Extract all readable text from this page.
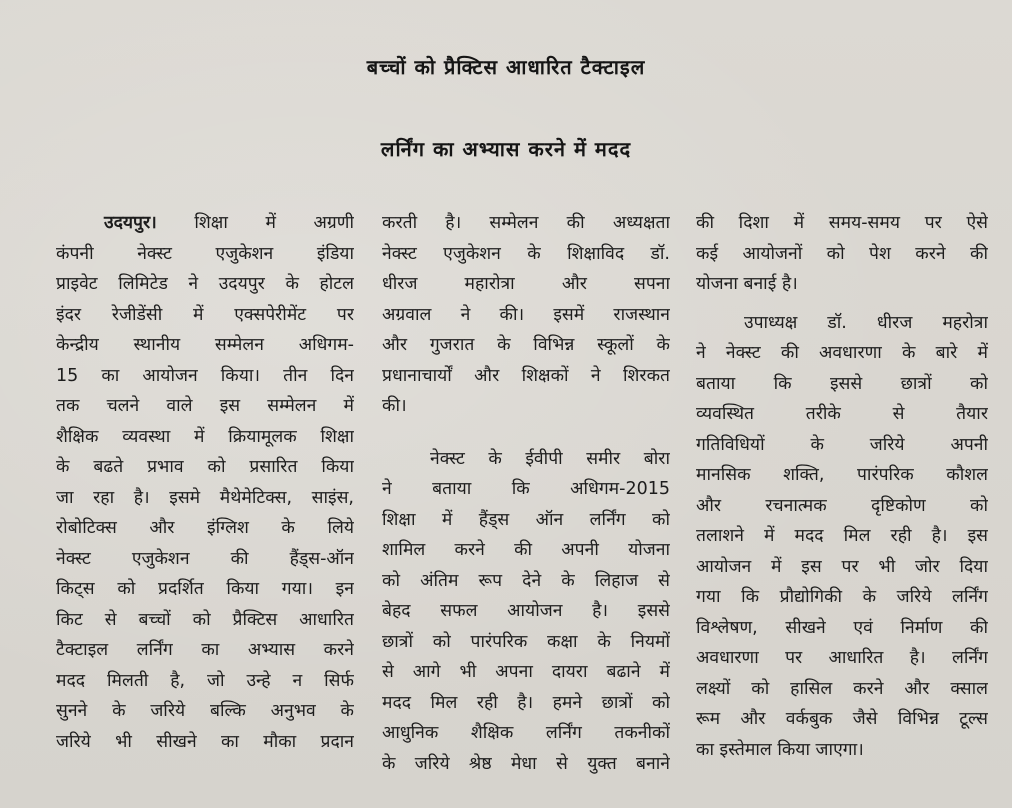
बच्चों को प्रैक्टिस आधारित टैक्टाइल
लर्निंग का अभ्यास करने में मदद
उदयपुर। शिक्षा में अग्रणी
कंपनी नेक्स्ट एजुकेशन इंडिया
प्राइवेट लिमिटेड ने उदयपुर के होटल
इंदर रेजीडेंसी में एक्सपेरीमेंट पर
केन्द्रीय स्थानीय सम्मेलन अधिगम-
15 का आयोजन किया। तीन दिन
तक चलने वाले इस सम्मेलन में
शैक्षिक व्यवस्था में क्रियामूलक शिक्षा
के बढते प्रभाव को प्रसारित किया
जा रहा है। इसमे मैथेमेटिक्स, साइंस,
रोबोटिक्स और इंग्लिश के लिये
नेक्स्ट एजुकेशन की हैंड्स-ऑन
किट्स को प्रदर्शित किया गया। इन
किट से बच्चों को प्रैक्टिस आधारित
टैक्टाइल लर्निंग का अभ्यास करने
मदद मिलती है, जो उन्हे न सिर्फ
सुनने के जरिये बल्कि अनुभव के
जरिये भी सीखने का मौका प्रदान
करती है। सम्मेलन की अध्यक्षता
नेक्स्ट एजुकेशन के शिक्षाविद डॉ.
धीरज महारोत्रा और सपना
अग्रवाल ने की। इसमें राजस्थान
और गुजरात के विभिन्न स्कूलों के
प्रधानाचार्यों और शिक्षकों ने शिरकत
की।
नेक्स्ट के ईवीपी समीर बोरा
ने बताया कि अधिगम-2015
शिक्षा में हैंड्स ऑन लर्निंग को
शामिल करने की अपनी योजना
को अंतिम रूप देने के लिहाज से
बेहद सफल आयोजन है। इससे
छात्रों को पारंपरिक कक्षा के नियमों
से आगे भी अपना दायरा बढाने में
मदद मिल रही है। हमने छात्रों को
आधुनिक शैक्षिक लर्निंग तकनीकों
के जरिये श्रेष्ठ मेधा से युक्त बनाने
की दिशा में समय-समय पर ऐसे
कई आयोजनों को पेश करने की
योजना बनाई है।
उपाध्यक्ष डॉ. धीरज महरोत्रा
ने नेक्स्ट की अवधारणा के बारे में
बताया कि इससे छात्रों को
व्यवस्थित तरीके से तैयार
गतिविधियों के जरिये अपनी
मानसिक शक्ति, पारंपरिक कौशल
और रचनात्मक दृष्टिकोण को
तलाशने में मदद मिल रही है। इस
आयोजन में इस पर भी जोर दिया
गया कि प्रौद्योगिकी के जरिये लर्निंग
विश्लेषण, सीखने एवं निर्माण की
अवधारणा पर आधारित है। लर्निंग
लक्ष्यों को हासिल करने और क्साल
रूम और वर्कबुक जैसे विभिन्न टूल्स
का इस्तेमाल किया जाएगा।
